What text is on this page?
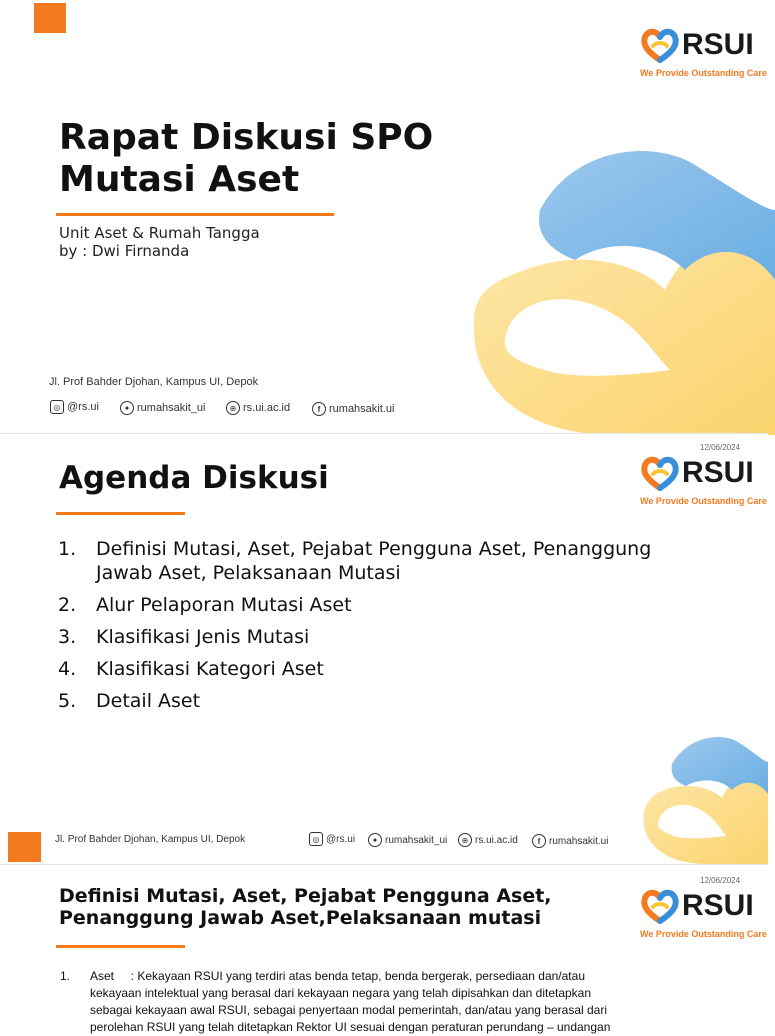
RSUI
We Provide Outstanding Care
Rapat Diskusi SPO
Mutasi Aset
Unit Aset & Rumah Tangga
by : Dwi Firnanda
Jl. Prof Bahder Djohan, Kampus UI, Depok
◎ @rs.ui	✦ rumahsakit_ui	⊕ rs.ui.ac.id	f rumahsakit.ui
12/06/2024
RSUI
We Provide Outstanding Care
Agenda Diskusi
1.	Definisi Mutasi, Aset, Pejabat Pengguna Aset, Penanggung Jawab Aset, Pelaksanaan Mutasi
2.	Alur Pelaporan Mutasi Aset
3.	Klasifikasi Jenis Mutasi
4.	Klasifikasi Kategori Aset
5.	Detail Aset
Jl. Prof Bahder Djohan, Kampus UI, Depok	◎ @rs.ui	✦ rumahsakit_ui	⊕ rs.ui.ac.id	f rumahsakit.ui
12/06/2024
RSUI
We Provide Outstanding Care
Definisi Mutasi, Aset, Pejabat Pengguna Aset,
Penanggung Jawab Aset,Pelaksanaan mutasi
1.	Aset     : Kekayaan RSUI yang terdiri atas benda tetap, benda bergerak, persediaan dan/atau kekayaan intelektual yang berasal dari kekayaan negara yang telah dipisahkan dan ditetapkan sebagai kekayaan awal RSUI, sebagai penyertaan modal pemerintah, dan/atau yang berasal dari perolehan RSUI yang telah ditetapkan Rektor UI sesuai dengan peraturan perundang – undangan
